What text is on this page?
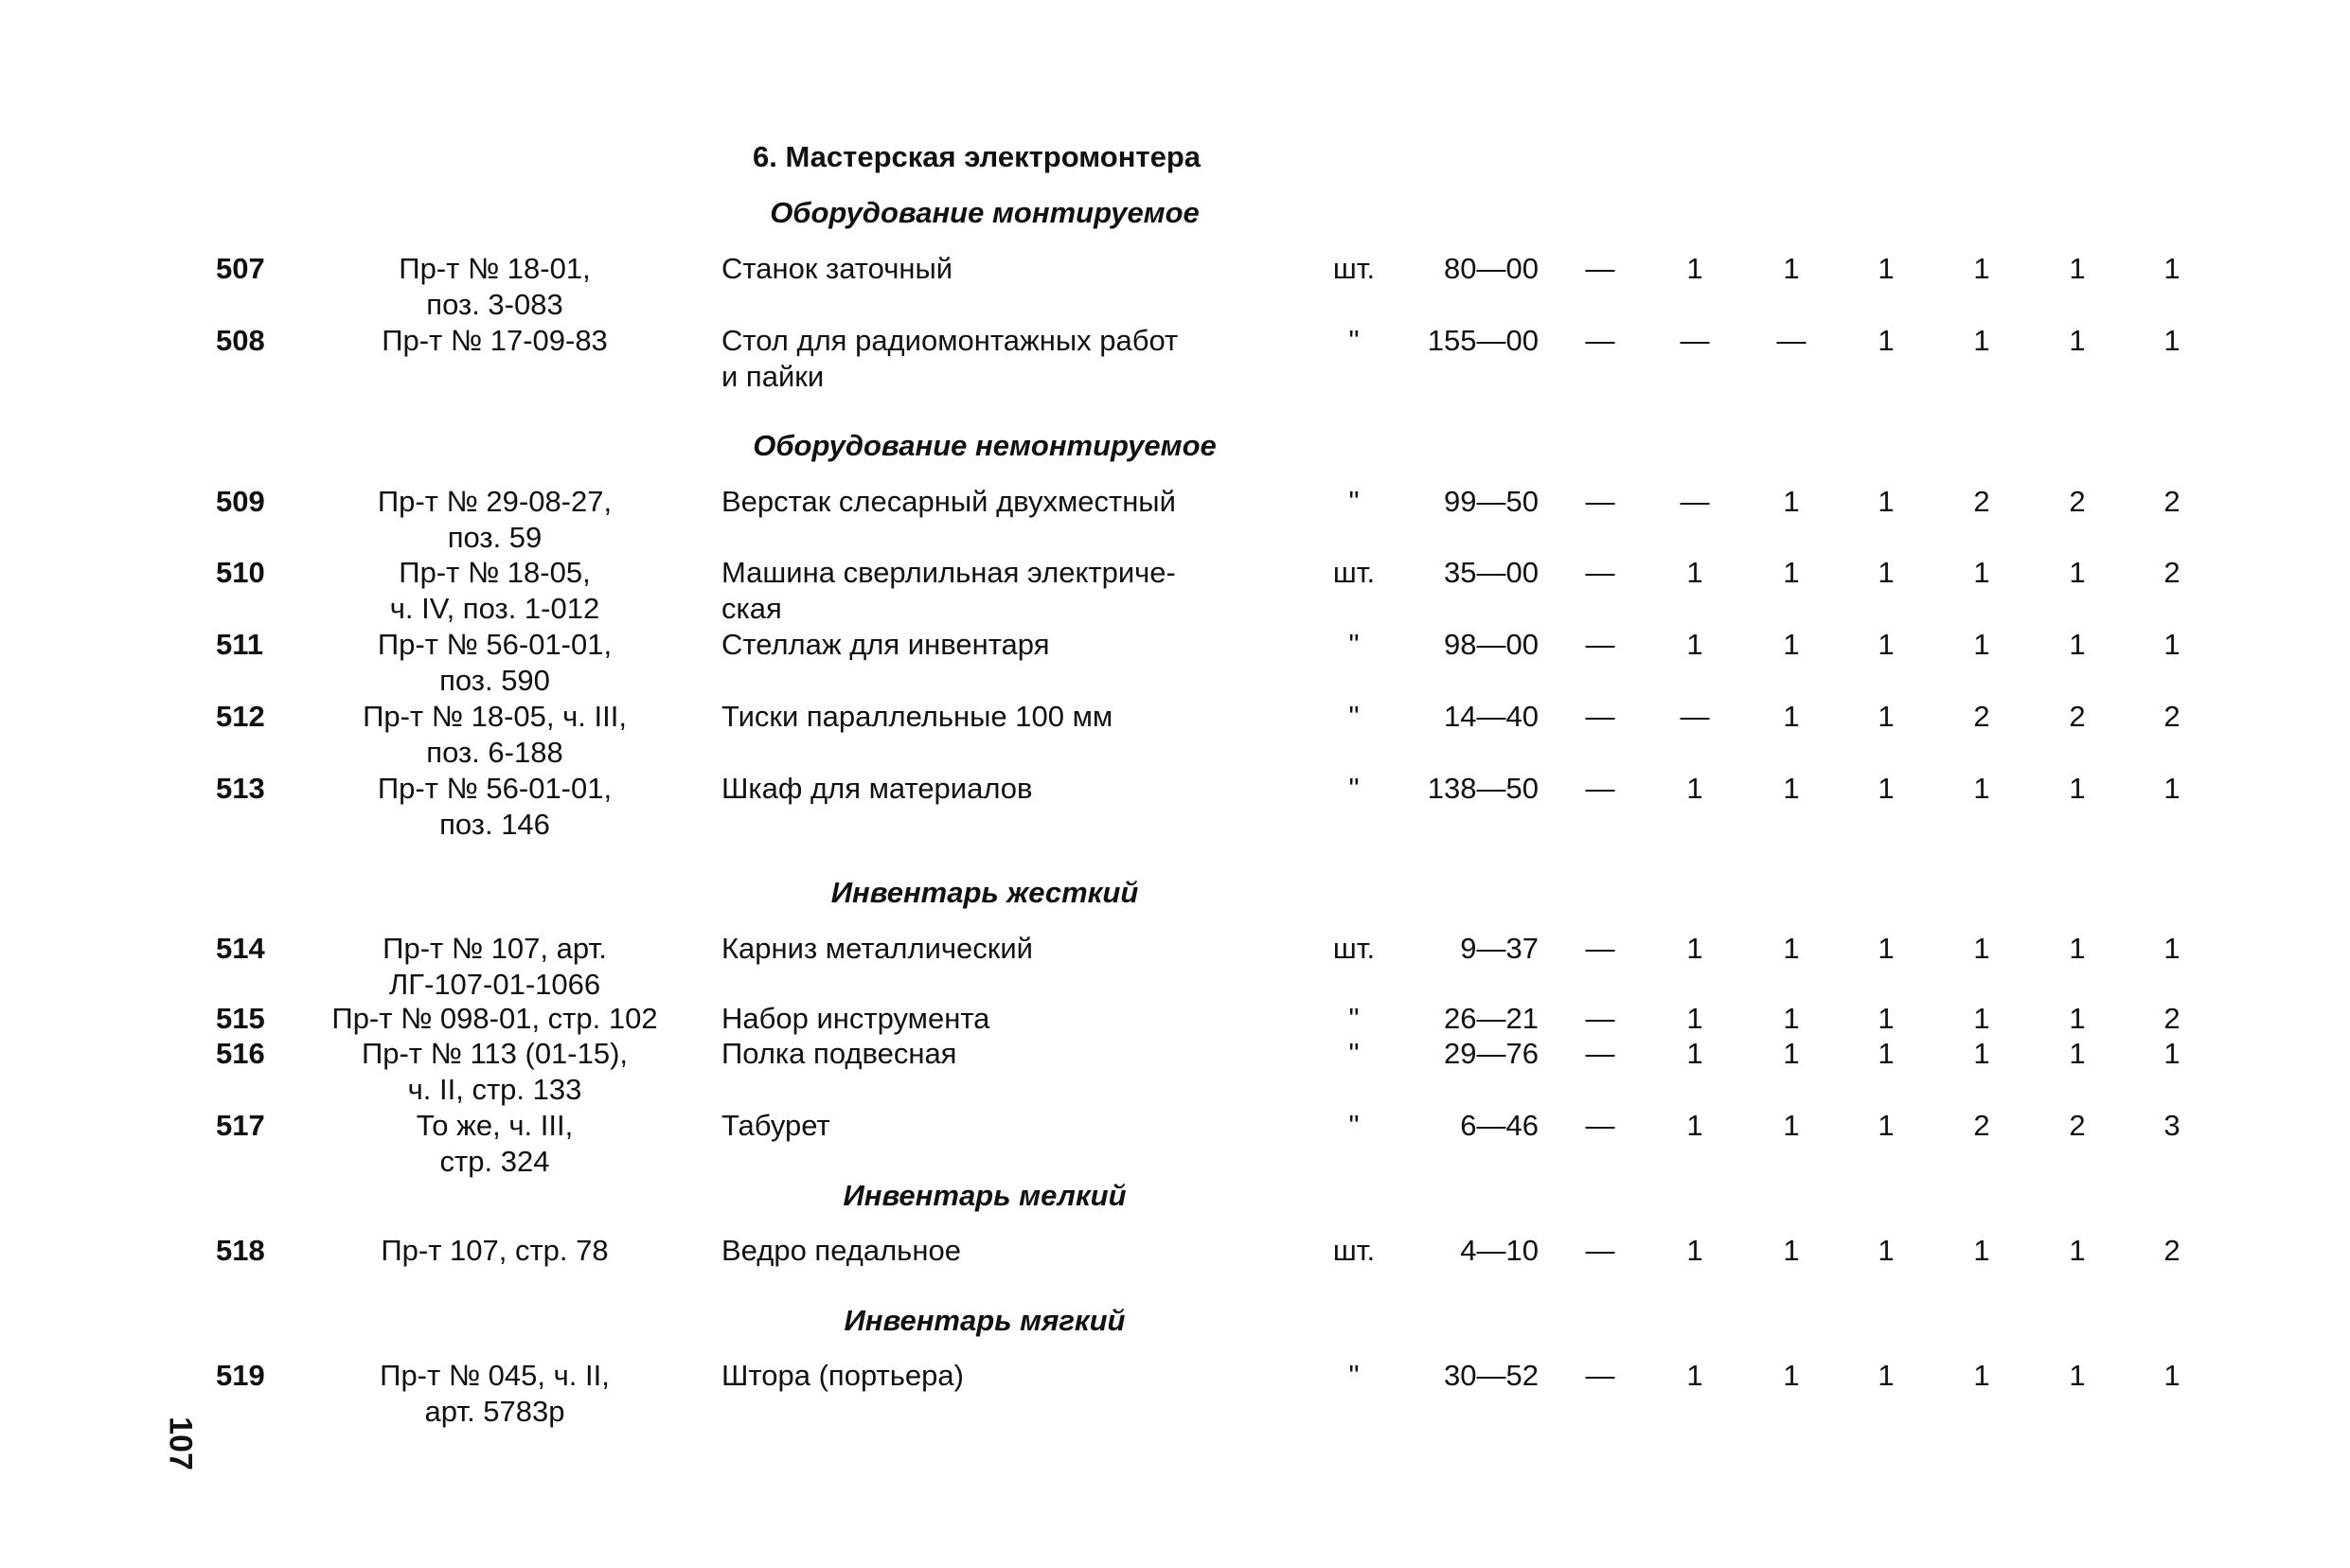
6. Мастерская электромонтера
Оборудование монтируемое
507	Пр-т № 18-01,
поз. 3-083
Станок заточный	шт.	80—00	—	1	1	1	1	1	1
508	Пр-т № 17-09-83	Стол для радиомонтажных работ
и пайки
"	155—00	—	—	—	1	1	1	1
Оборудование немонтируемое
509	Пр-т № 29-08-27,
поз. 59
Верстак слесарный двухместный	"	99—50	—	—	1	1	2	2	2
510	Пр-т № 18-05,
ч. IV, поз. 1-012
Машина сверлильная электриче-
ская
шт.	35—00	—	1	1	1	1	1	2
511	Пр-т № 56-01-01,
поз. 590
Стеллаж для инвентаря	"	98—00	—	1	1	1	1	1	1
512	Пр-т № 18-05, ч. III,
поз. 6-188
Тиски параллельные 100 мм	"	14—40	—	—	1	1	2	2	2
513	Пр-т № 56-01-01,
поз. 146
Шкаф для материалов	"	138—50	—	1	1	1	1	1	1
Инвентарь жесткий
514	Пр-т № 107, арт.
ЛГ-107-01-1066
Карниз металлический	шт.	9—37	—	1	1	1	1	1	1
515	Пр-т № 098-01, стр. 102	Набор инструмента	"	26—21	—	1	1	1	1	1	2
516	Пр-т № 113 (01-15),
ч. II, стр. 133
Полка подвесная	"	29—76	—	1	1	1	1	1	1
517	То же, ч. III,
стр. 324
Табурет	"	6—46	—	1	1	1	2	2	3
Инвентарь мелкий
518	Пр-т 107, стр. 78	Ведро педальное	шт.	4—10	—	1	1	1	1	1	2
Инвентарь мягкий
519	Пр-т № 045, ч. II,
арт. 5783р
Штора (портьера)	"	30—52	—	1	1	1	1	1	1
107
